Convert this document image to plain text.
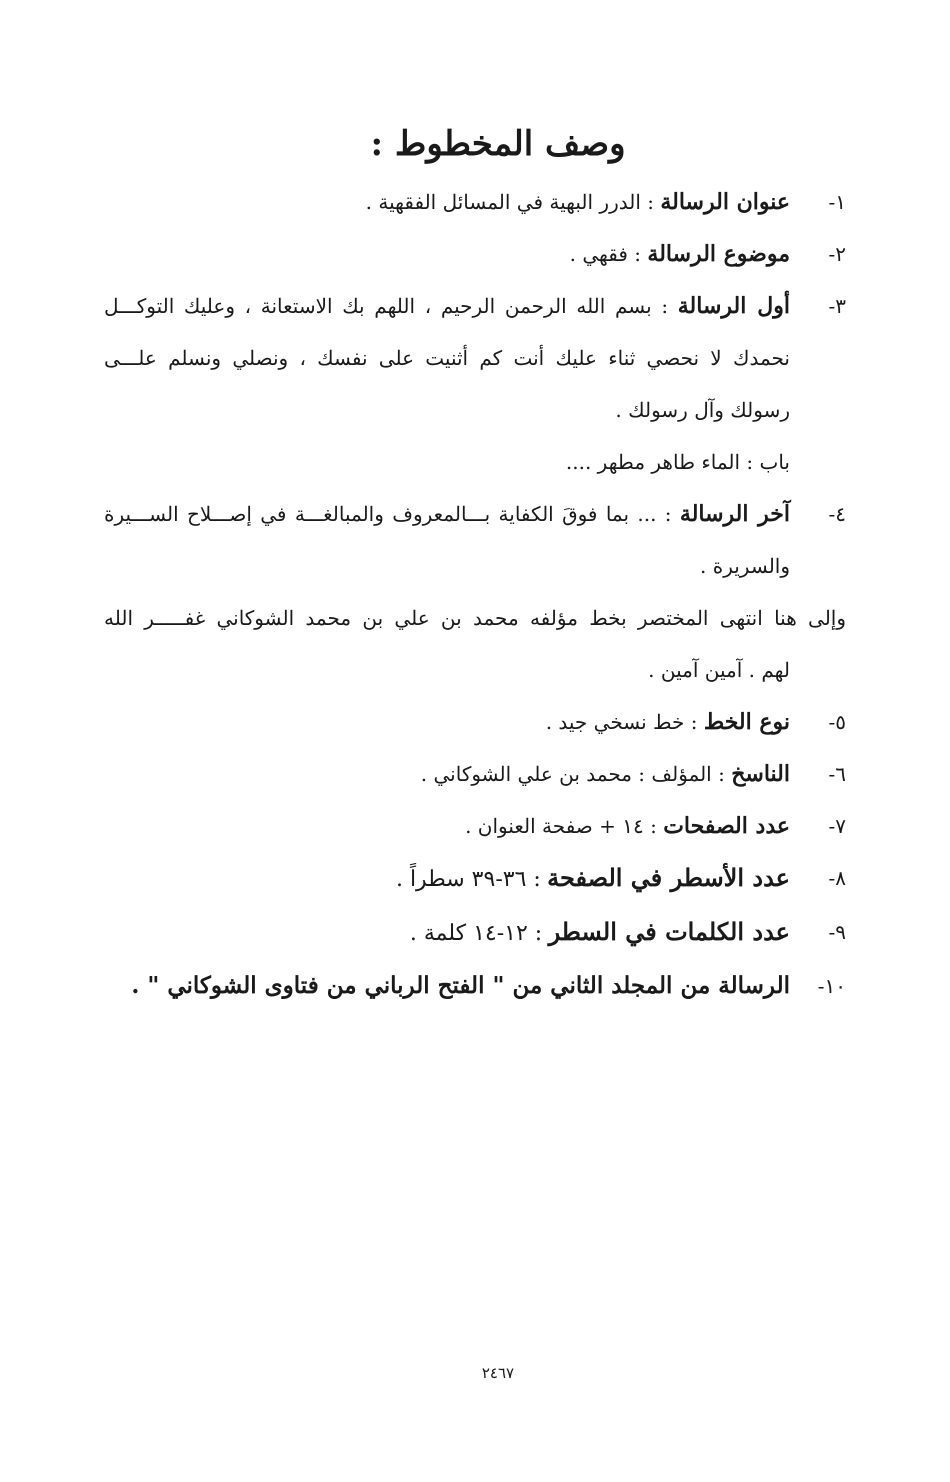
وصف المخطوط :
١-
عنوان الرسالة : الدرر البهية في المسائل الفقهية .
٢-
موضوع الرسالة : فقهي .
٣-
أول الرسالة : بسم الله الرحمن الرحيم ، اللهم بك الاستعانة ، وعليك التوكـــل
نحمدك لا نحصي ثناء عليك أنت كم أثنيت على نفسك ، ونصلي ونسلم علـــى
رسولك وآل رسولك .
باب : الماء طاهر مطهر ....
٤-
آخر الرسالة : ... بما فوقَ الكفاية بـــالمعروف والمبالغـــة في إصـــلاح الســـيرة
والسريرة .
وإلى هنا انتهى المختصر بخط مؤلفه محمد بن علي بن محمد الشوكاني غفـــــر الله
لهم . آمين آمين .
٥-
نوع الخط : خط نسخي جيد .
٦-
الناسخ : المؤلف : محمد بن علي الشوكاني .
٧-
عدد الصفحات : ١٤ + صفحة العنوان .
٨-
عدد الأسطر في الصفحة : ٣٦-٣٩ سطراً .
٩-
عدد الكلمات في السطر : ١٢-١٤ كلمة .
١٠-
الرسالة من المجلد الثاني من " الفتح الرباني من فتاوى الشوكاني " .
٢٤٦٧
